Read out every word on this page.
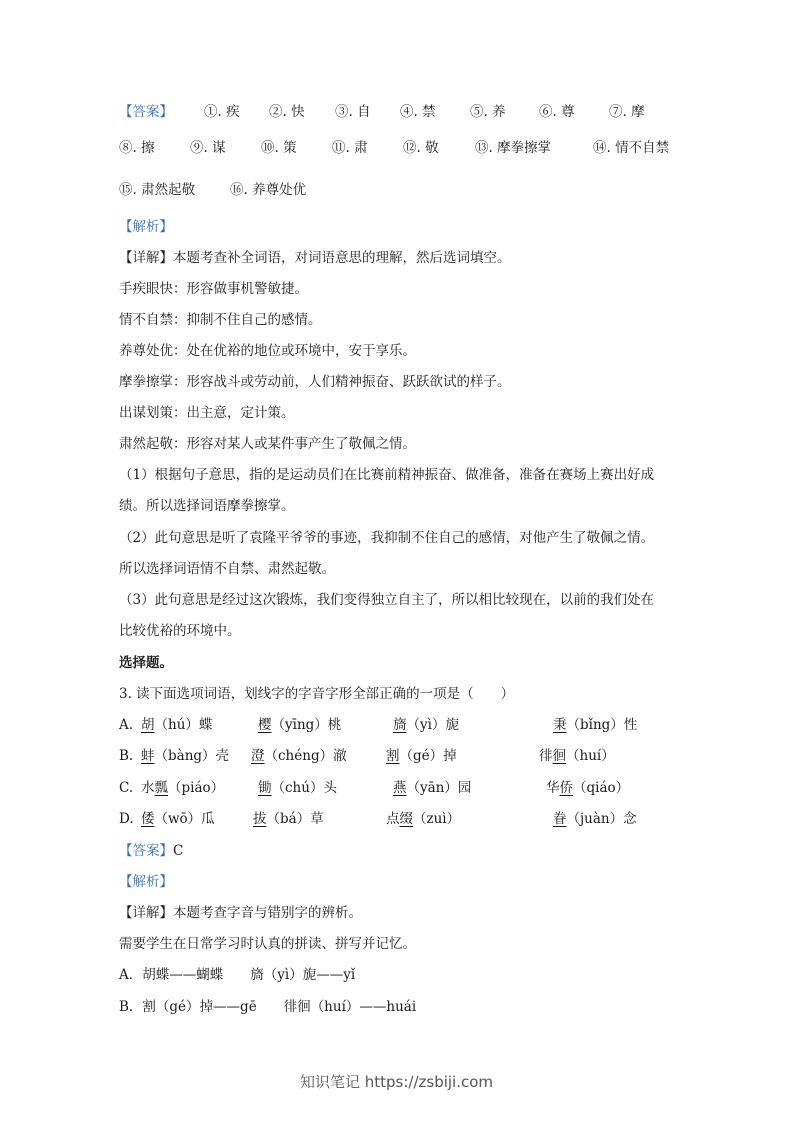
【答案】 ①. 疾 ②. 快 ③. 自 ④. 禁	⑤. 养 ⑥. 尊	⑦. 摩
⑧. 擦	⑨. 谋	⑩. 策	⑪. 肃	⑫. 敬	⑬. 摩拳擦掌	⑭. 情不自禁
⑮. 肃然起敬	⑯. 养尊处优
【解析】
【详解】本题考查补全词语，对词语意思的理解，然后选词填空。
手疾眼快：形容做事机警敏捷。
情不自禁：抑制不住自己的感情。
养尊处优：处在优裕的地位或环境中，安于享乐。
摩拳擦掌：形容战斗或劳动前，人们精神振奋、跃跃欲试的样子。
出谋划策：出主意，定计策。
肃然起敬：形容对某人或某件事产生了敬佩之情。
（1）根据句子意思，指的是运动员们在比赛前精神振奋、做准备，准备在赛场上赛出好成
绩。所以选择词语摩拳擦掌。
（2）此句意思是听了袁隆平爷爷的事迹，我抑制不住自己的感情，对他产生了敬佩之情。
所以选择词语情不自禁、肃然起敬。
（3）此句意思是经过这次锻炼，我们变得独立自主了，所以相比较现在，以前的我们处在
比较优裕的环境中。
选择题。
3. 读下面选项词语，划线字的字音字形全部正确的一项是（　　）
A. 胡（hú）蝶	樱（yīng）桃	旖（yì）旎	秉（bǐng）性
B. 蚌（bàng）壳 澄（chéng）澈	割（gé）掉	徘徊（huí）
C. 水瓢（piáo）	锄（chú）头	燕（yān）园	华侨（qiáo）
D. 倭（wō）瓜	拔（bá）草	点缀（zuì）	眷（juàn）念
【答案】C
【解析】
【详解】本题考查字音与错别字的辨析。
需要学生在日常学习时认真的拼读、拼写并记忆。
A．胡蝶——蝴蝶　　旖（yì）旎——yǐ
B．割（gé）掉——gē　　徘徊（huí）——huái
知识笔记 https://zsbiji.com
